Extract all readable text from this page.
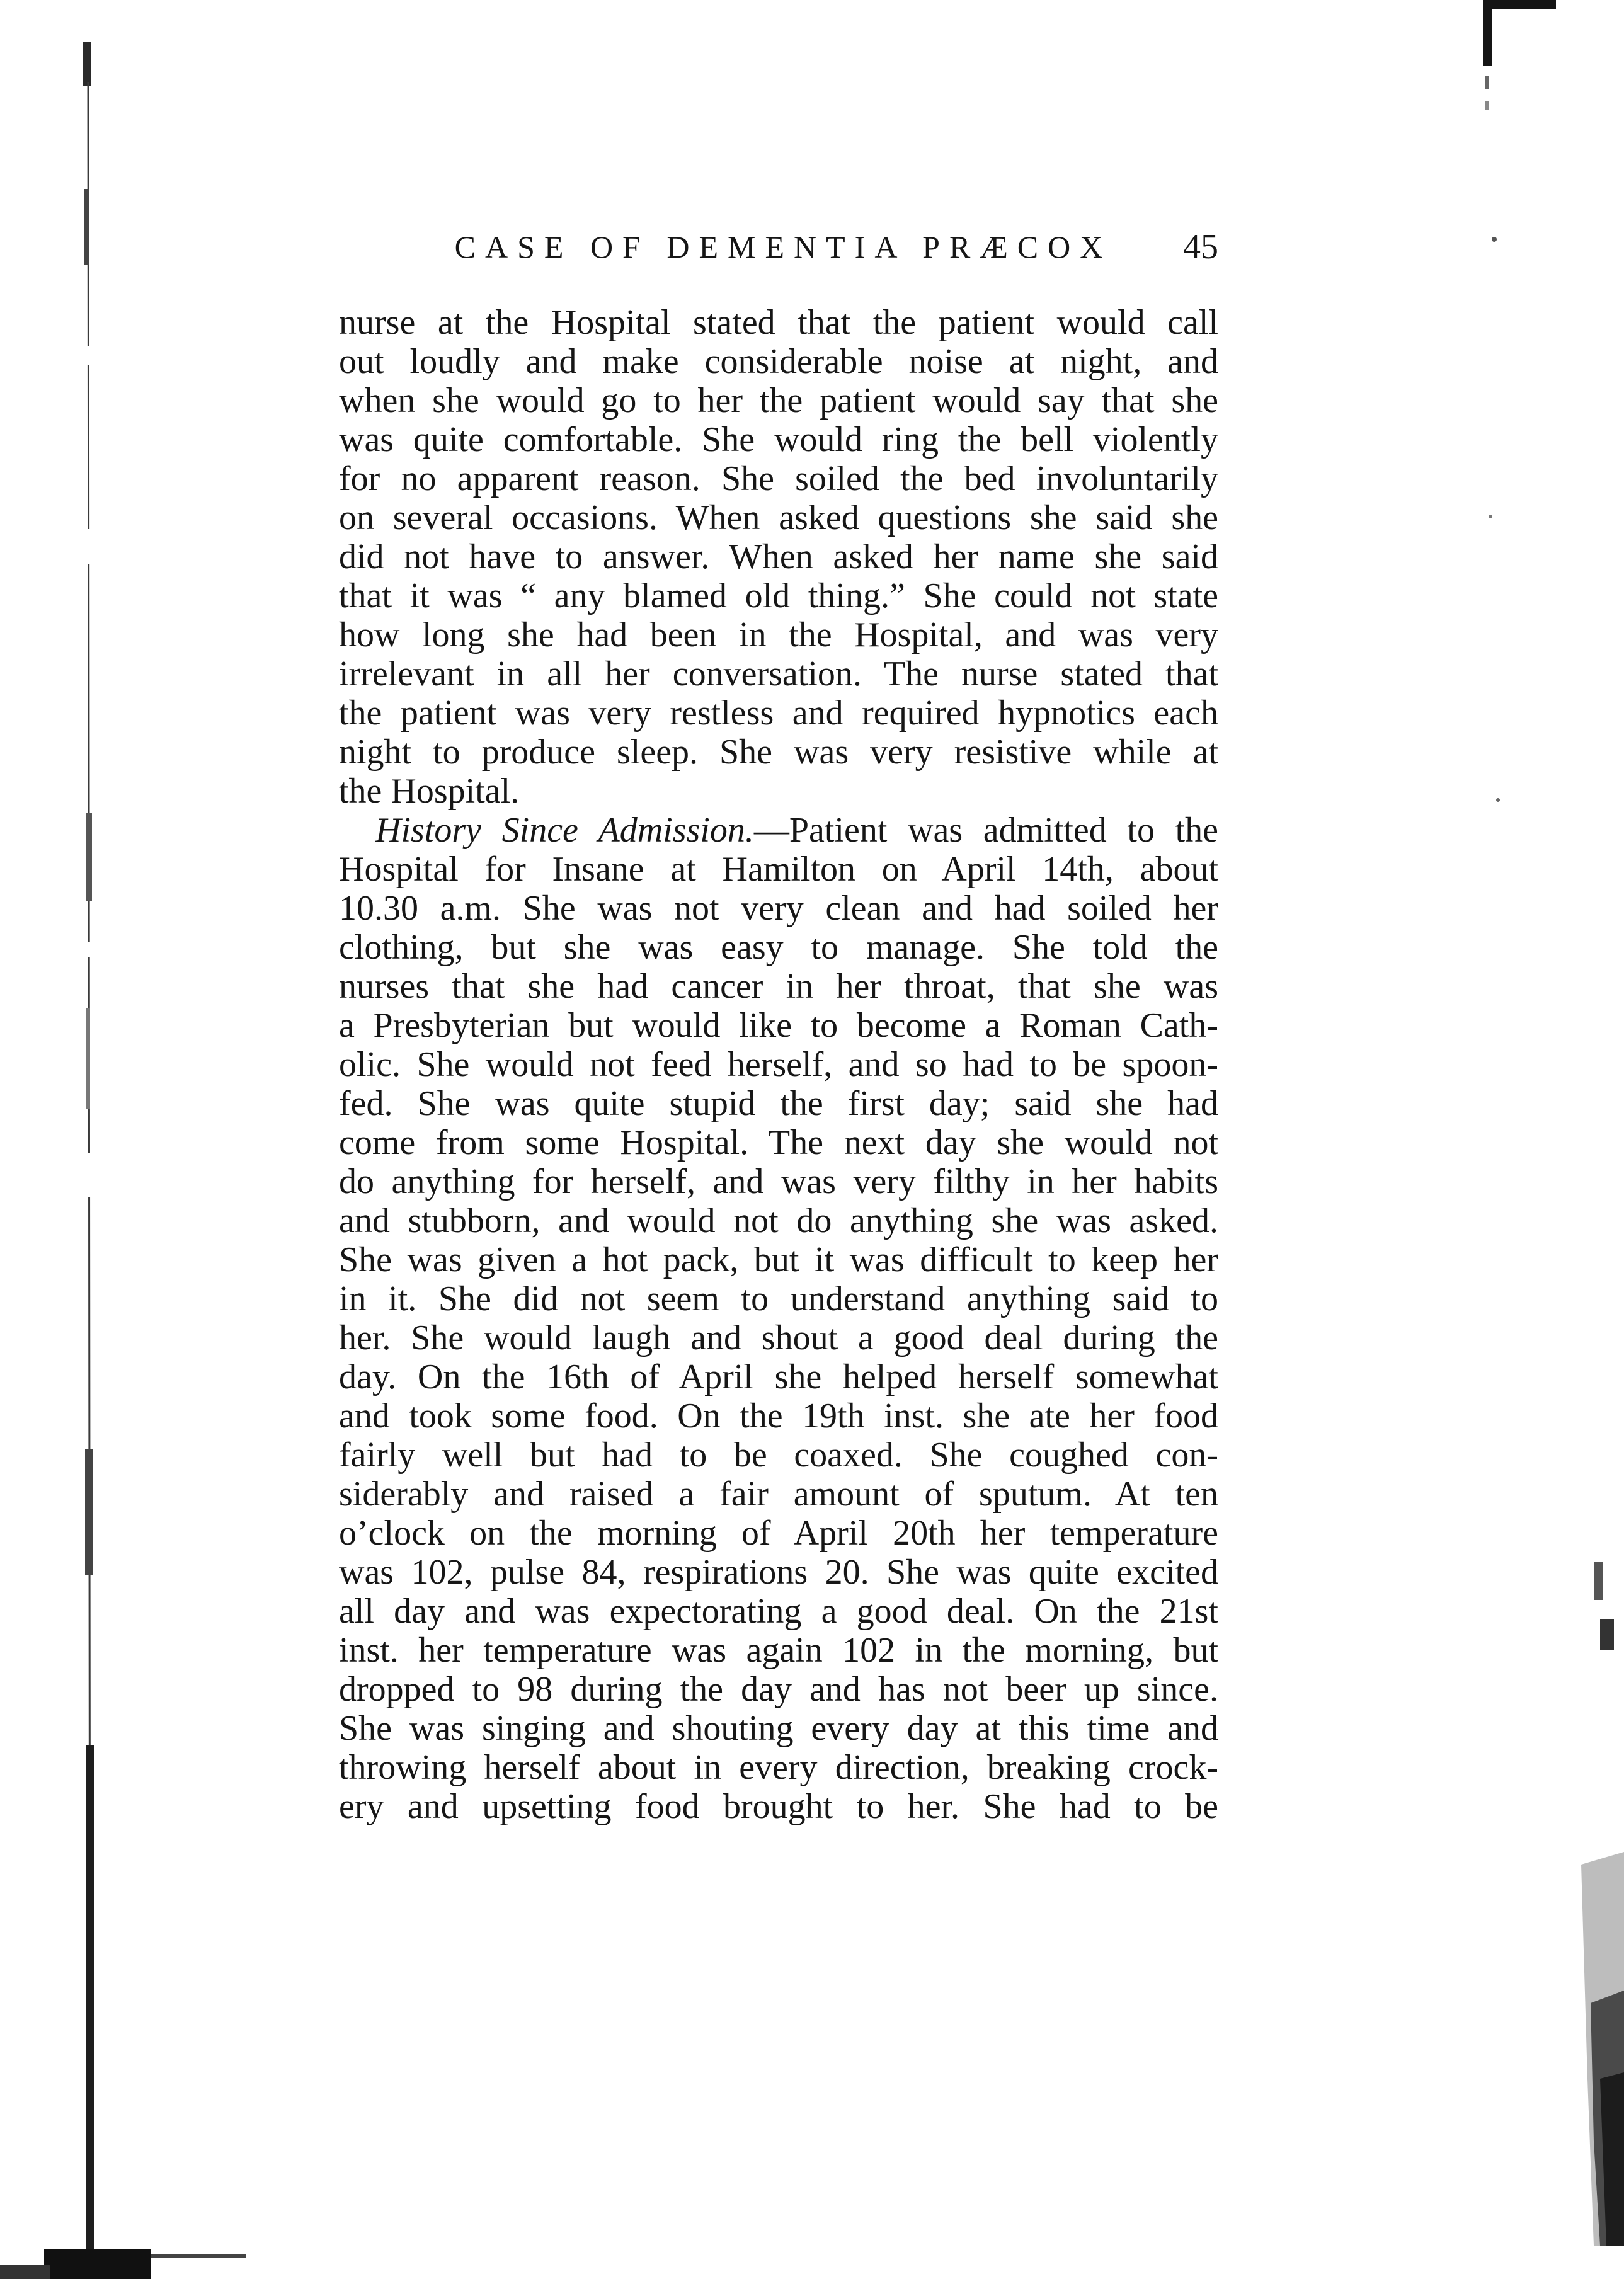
CASE OF DEMENTIA PRÆCOX	45
nurse at the Hospital stated that the patient would call
out loudly and make considerable noise at night, and
when she would go to her the patient would say that she
was quite comfortable. She would ring the bell violently
for no apparent reason. She soiled the bed involuntarily
on several occasions. When asked questions she said she
did not have to answer. When asked her name she said
that it was “ any blamed old thing.” She could not state
how long she had been in the Hospital, and was very
irrelevant in all her conversation. The nurse stated that
the patient was very restless and required hypnotics each
night to produce sleep. She was very resistive while at
the Hospital.
History Since Admission.—Patient was admitted to the
Hospital for Insane at Hamilton on April 14th, about
10.30 a.m. She was not very clean and had soiled her
clothing, but she was easy to manage. She told the
nurses that she had cancer in her throat, that she was
a Presbyterian but would like to become a Roman Cath-
olic. She would not feed herself, and so had to be spoon-
fed. She was quite stupid the first day; said she had
come from some Hospital. The next day she would not
do anything for herself, and was very filthy in her habits
and stubborn, and would not do anything she was asked.
She was given a hot pack, but it was difficult to keep her
in it. She did not seem to understand anything said to
her. She would laugh and shout a good deal during the
day. On the 16th of April she helped herself somewhat
and took some food. On the 19th inst. she ate her food
fairly well but had to be coaxed. She coughed con-
siderably and raised a fair amount of sputum. At ten
o’clock on the morning of April 20th her temperature
was 102, pulse 84, respirations 20. She was quite excited
all day and was expectorating a good deal. On the 21st
inst. her temperature was again 102 in the morning, but
dropped to 98 during the day and has not beer up since.
She was singing and shouting every day at this time and
throwing herself about in every direction, breaking crock-
ery and upsetting food brought to her. She had to be
